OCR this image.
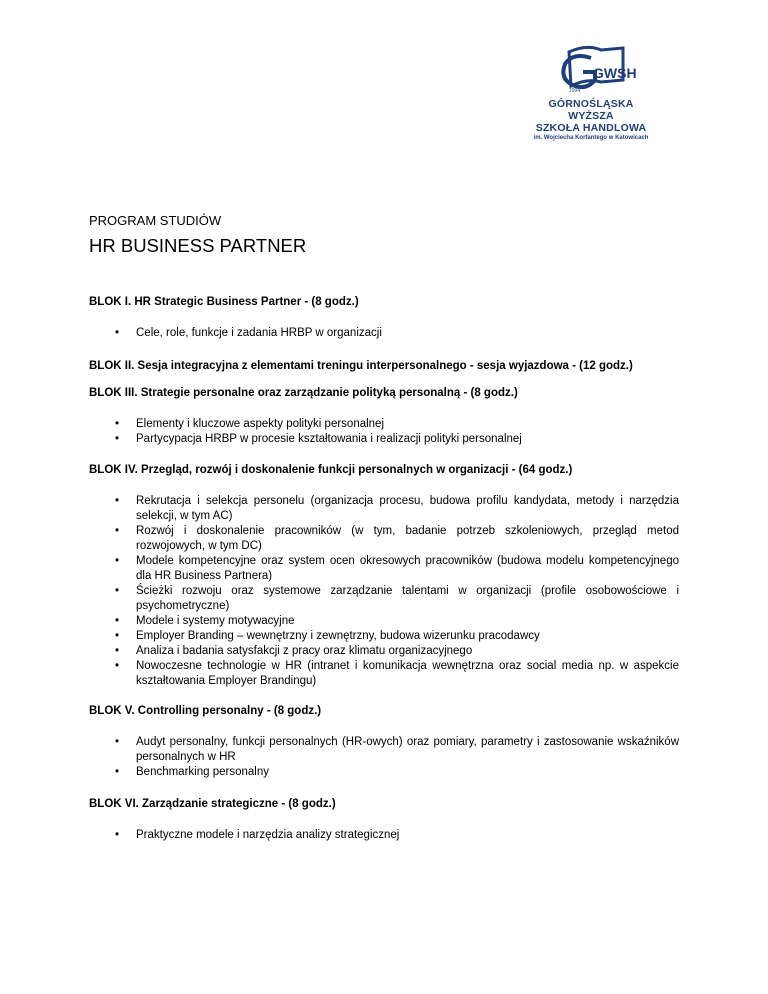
GWSH
1994
GÓRNOŚLĄSKA WYŻSZA
SZKOŁA HANDLOWA
im. Wojciecha Korfantego w Katowicach

PROGRAM STUDIÓW

HR BUSINESS PARTNER

BLOK I. HR Strategic Business Partner - (8 godz.)

• Cele, role, funkcje i zadania HRBP w organizacji

BLOK II. Sesja integracyjna z elementami treningu interpersonalnego - sesja wyjazdowa - (12 godz.)

BLOK III. Strategie personalne oraz zarządzanie polityką personalną - (8 godz.)

• Elementy i kluczowe aspekty polityki personalnej
• Partycypacja HRBP w procesie kształtowania i realizacji polityki personalnej

BLOK IV. Przegląd, rozwój i doskonalenie funkcji personalnych w organizacji - (64 godz.)

• Rekrutacja i selekcja personelu (organizacja procesu, budowa profilu kandydata, metody i narzędzia selekcji, w tym AC)
• Rozwój i doskonalenie pracowników (w tym, badanie potrzeb szkoleniowych, przegląd metod rozwojowych, w tym DC)
• Modele kompetencyjne oraz system ocen okresowych pracowników (budowa modelu kompetencyjnego dla HR Business Partnera)
• Ścieżki rozwoju oraz systemowe zarządzanie talentami w organizacji (profile osobowościowe i psychometryczne)
• Modele i systemy motywacyjne
• Employer Branding – wewnętrzny i zewnętrzny, budowa wizerunku pracodawcy
• Analiza i badania satysfakcji z pracy oraz klimatu organizacyjnego
• Nowoczesne technologie w HR (intranet i komunikacja wewnętrzna oraz social media np. w aspekcie kształtowania Employer Brandingu)

BLOK V. Controlling personalny - (8 godz.)

• Audyt personalny, funkcji personalnych (HR-owych) oraz pomiary, parametry i zastosowanie wskaźników personalnych w HR
• Benchmarking personalny

BLOK VI. Zarządzanie strategiczne - (8 godz.)

• Praktyczne modele i narzędzia analizy strategicznej
